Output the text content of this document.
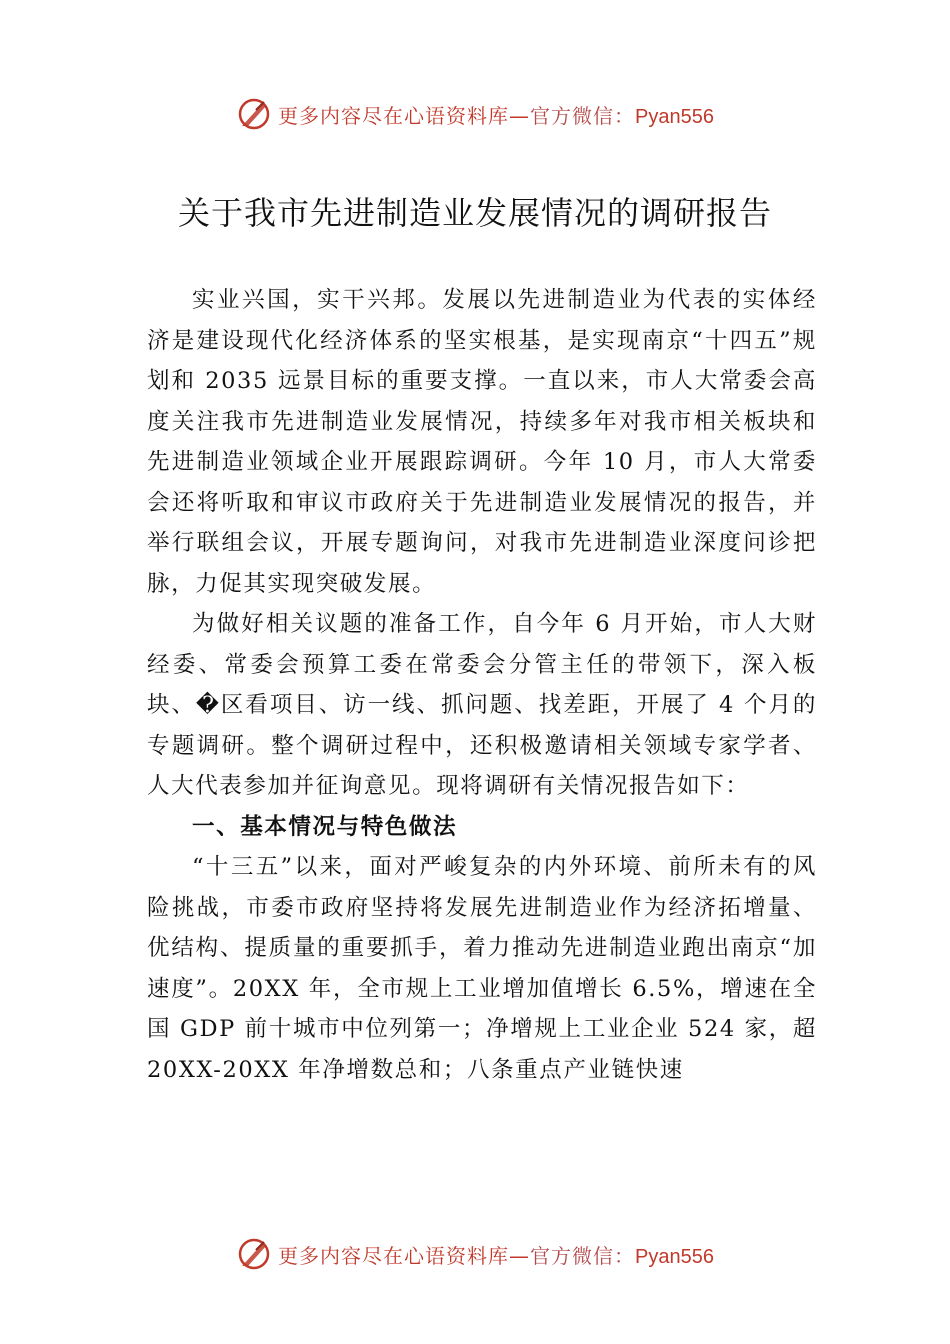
更多内容尽在心语资料库—官方微信：Pyan556
关于我市先进制造业发展情况的调研报告

实业兴国，实干兴邦。发展以先进制造业为代表的实体经济是建设现代化经济体系的坚实根基，是实现南京“十四五”规划和 2035 远景目标的重要支撑。一直以来，市人大常委会高度关注我市先进制造业发展情况，持续多年对我市相关板块和先进制造业领域企业开展跟踪调研。今年 10 月，市人大常委会还将听取和审议市政府关于先进制造业发展情况的报告，并举行联组会议，开展专题询问，对我市先进制造业深度问诊把脉，力促其实现突破发展。

为做好相关议题的准备工作，自今年 6 月开始，市人大财经委、常委会预算工委在常委会分管主任的带领下，深入板块、�区看项目、访一线、抓问题、找差距，开展了 4 个月的专题调研。整个调研过程中，还积极邀请相关领域专家学者、人大代表参加并征询意见。现将调研有关情况报告如下：

一、基本情况与特色做法

“十三五”以来，面对严峻复杂的内外环境、前所未有的风险挑战，市委市政府坚持将发展先进制造业作为经济拓增量、优结构、提质量的重要抓手，着力推动先进制造业跑出南京“加速度”。20XX 年，全市规上工业增加值增长 6.5%，增速在全国 GDP 前十城市中位列第一；净增规上工业企业 524 家，超 20XX-20XX 年净增数总和；八条重点产业链快速

更多内容尽在心语资料库—官方微信：Pyan556
